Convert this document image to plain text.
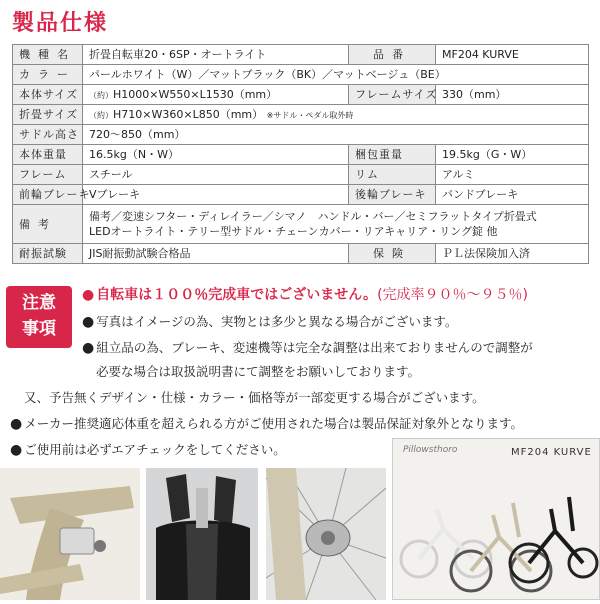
製品仕様
機種名	折畳自転車20・6SP・オートライト	品番	MF204 KURVE
カラー	パールホワイト（W）／マットブラック（BK）／マットベージュ（BE）		
本体サイズ	（約）H1000×W550×L1530（mm）	フレームサイズ	330（mm）
折畳サイズ	（約）H710×W360×L850（mm） ※サドル・ペダル取外時		
サドル高さ	720〜850（mm）		
本体重量	16.5kg（N・W）	梱包重量	19.5kg（G・W）
フレーム	スチール	リム	アルミ
前輪ブレーキ	Vブレーキ	後輪ブレーキ	バンドブレーキ
備考	備考／変速シフター・ディレイラー／シマノ　ハンドル・バー／セミフラットタイプ折畳式
LEDオートライト・テリー型サドル・チェーンカバー・リアキャリア・リング錠 他		

耐振試験	JIS耐振動試験合格品	保険	ＰＬ法保険加入済
注意
事項
● 自転車は１００％完成車ではございません。(完成率９０％〜９５％)
● 写真はイメージの為、実物とは多少と異なる場合がございます。
● 組立品の為、ブレーキ、変速機等は完全な調整は出来ておりませんので調整が
必要な場合は取扱説明書にて調整をお願いしております。
又、予告無くデザイン・仕様・カラー・価格等が一部変更する場合がございます。
● メーカー推奨適応体重を超えられる方がご使用された場合は製品保証対象外となります。
● ご使用前は必ずエアチェックをしてください。	Pillowsthoro	MF204 KURVE
